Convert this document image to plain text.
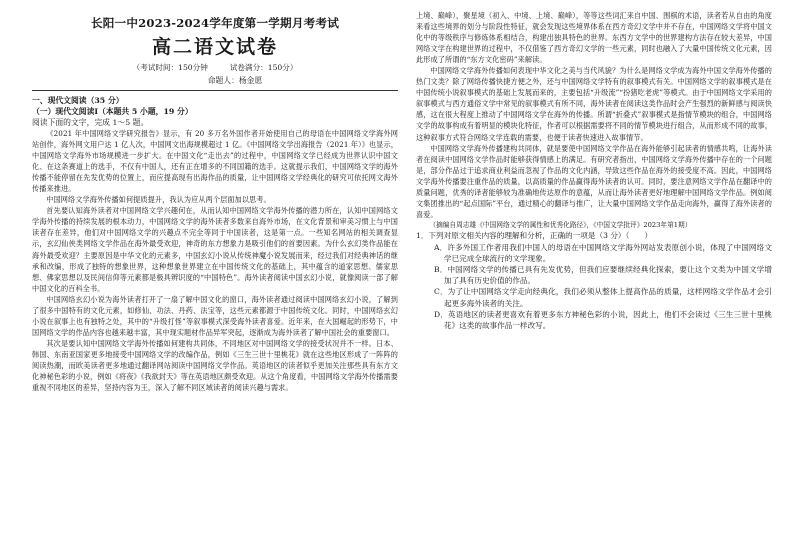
长阳一中2023-2024学年度第一学期月考考试
高二语文试卷
（考试时间：150分钟	试卷满分：150分）
命题人：杨金愿
一、现代文阅读（35 分）
（一）现代文阅读Ⅰ（本题共 5 小题，19 分）
阅读下面的文字，完成 1～5 题。

《2021 年中国网络文学研究报告》显示，有 20 多万名外国作者开始使用自己的母语在中国网络文学海外网站创作，海外网文用户达 1 亿人次，中国网文出海规模超过 1 亿。《中国网络文学出海报告（2021 年）》也显示，中国网络文学海外市场规模进一步扩大。在中国文化“走出去”的过程中，中国网络文学已经成为世界认识中国文化、在这条赛道上的选手，不仅有中国人，还有正在增多的不同国籍的选手。这就提示我们，中国网络文学的海外传播不能停留在先发优势的位置上，而应提高现有出海作品的质量，让中国网络文学经典化的研究可依托网文海外传播来推进。

中国网络文学海外传播如何提质提升，我认为应从两个层面加以思考。

首先要认知海外读者对中国网络文学兴趣何在，从而认知中国网络文学海外传播的潜力所在，认知中国网络文学海外传播的持续发展的根本动力，中国网络文学的海外读者多数来自海外市场，在文化背景和审美习惯上与中国读者存在差异，他们对中国网络文学的兴趣点不完全等同于中国读者，这是第一点。一些知名网站的相关调查显示，玄幻仙侠类网络文学作品在海外最受欢迎，神奇的东方想象力是吸引他们的首要因素。为什么玄幻类作品能在海外最受欢迎？主要原因是中华文化的元素多，中国玄幻小说从传统神魔小说发展而来，经过我们对经典神话的继承和改编，形成了独特的想象世界，这种想象世界建立在中国传统文化的基础上，其中蕴含的道家思想、儒家思想、佛家思想以及民间信仰等元素都是极具辨识度的“中国特色”。海外读者阅读中国玄幻小说，就像阅读一部了解中国文化的百科全书。

中国网络玄幻小说为海外读者打开了一扇了解中国文化的窗口，海外读者通过阅读中国网络玄幻小说，了解到了很多中国特有的文化元素，如修仙、功法、丹药、法宝等，这些元素都源于中国传统文化。同时，中国网络玄幻小说在叙事上也有独特之处，其中的“升级打怪”等叙事模式深受海外读者喜爱。近年来，在大国崛起的形势下，中国网络文学的作品内容也越来越丰富，其中现实题材作品异军突起，逐渐成为海外读者了解中国社会的重要窗口。

其次是要认知中国网络文学海外传播如何建构共同体，不同地区对中国网络文学的接受状况并不一样。日本、韩国、东南亚国家更多地接受中国网络文学的改编作品，例如《三生三世十里桃花》就在这些地区形成了一阵阵的阅读热潮，而欧美读者更多地通过翻译网站阅读中国网络文学作品。英语地区的读者似乎更加关注那些具有东方文化神秘色彩的小说，例如《将夜》《我欲封天》等在英语地区颇受欢迎。从这个角度看，中国网络文学海外传播需要重视不同地区的差异，坚持内容为王，深入了解不同区域读者的阅读兴趣与需求。

上境、巅峰），聚星境（初入、中境、上境、巅峰），等等这些词汇来自中国、围棋的术语，读者若从自由的角度来看这些境界的划分与阶段性特征，就会发现这些境界体系在西方奇幻文学中并不存在，中国网络文学将中国文化中的等级秩序与修炼体系相结合，构建出独具特色的世界。东西方文学中的世界建构方法存在较大差异，中国网络文学在构建世界的过程中，不仅借鉴了西方奇幻文学的一些元素，同时也融入了大量中国传统文化元素，因此形成了所谓的“东方文化密码”来解读。

中国网络文学海外传播如何表现中华文化之美与当代风貌？为什么是网络文学成为海外中国文学海外传播的热门文类？除了网络传播快捷方便之外，还与中国网络文学特有的叙事模式有关。中国网络文学的叙事模式是在中国传统小说叙事模式的基础上发展而来的，主要包括“升级流”“扮猪吃老虎”等模式。由于中国网络文学采用的叙事模式与西方通俗文学中常见的叙事模式有所不同，海外读者在阅读这类作品时会产生强烈的新鲜感与阅读快感，这在很大程度上推动了中国网络文学在海外的传播。所谓“折叠式”叙事模式是指情节模块的组合，中国网络文学的故事构成有着明显的模块化特征，作者可以根据需要将不同的情节模块进行组合，从而形成不同的故事，这种叙事方式符合网络文学连载的需要，也便于读者快速进入故事情节。

中国网络文学海外传播建构共同体，就是要使中国网络文学作品在海外能够引起读者的情感共鸣，让海外读者在阅读中国网络文学作品时能够获得情感上的满足。有研究者指出，中国网络文学海外传播中存在的一个问题是，部分作品过于追求商业利益而忽视了作品的文化内涵，导致这些作品在海外的接受度不高。因此，中国网络文学海外传播要注重作品的质量，以高质量的作品赢得海外读者的认可。同时，要注意网络文学作品在翻译中的质量问题，优秀的译者能够较为准确地传达原作的意蕴，从而让海外读者更好地理解中国网络文学作品。例如阅文集团推出的“起点国际”平台，通过精心的翻译与推广，让大量中国网络文学作品走向海外，赢得了海外读者的喜爱。

（摘编自周志雄《中国网络文学的属性和优秀化路径》，《中国文学批评》2023年第1期）

1．下列对原文相关内容的理解和分析，正确的一项是（3 分）（　　）
A．许多外国工作者用我们中国人的母语在中国网络文学海外网站发表原创小说，体现了中国网络文学已完成全球流行的文学现象。
B．中国网络文学的传播已具有先发优势，但我们应要继续经典化探索，要让这个文类为中国文学增加了具有历史价值的作品。
C．为了让中国网络文学走向经典化，我们必须从整体上提高作品的质量，这样网络文学作品才会引起更多海外读者的关注。
D．英语地区的读者更喜欢有着更多东方神秘色彩的小说，因此上，他们不会读过《三生三世十里桃花》这类的故事作品一样改写。
